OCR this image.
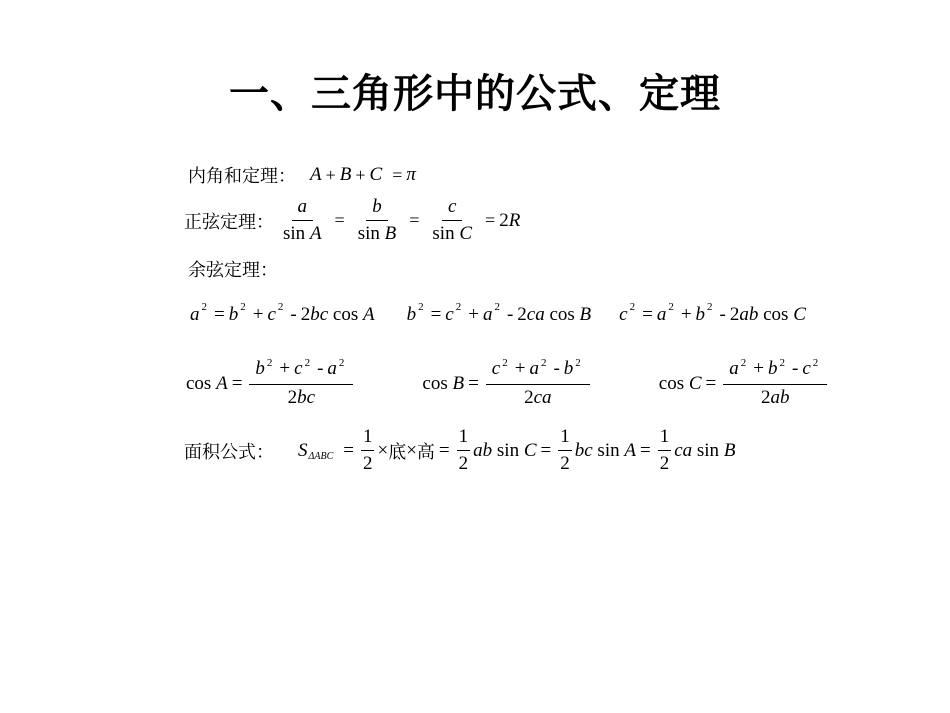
一、三角形中的公式、定理
内角和定理： A + B + C = π
正弦定理： $\frac{a}{\text{sin A}} = \frac{b}{\text{sin B}} = \frac{c}{\text{sin C}} = 2$ R
余弦定理：
a 2 = b 2 + c 2 - 2 bc
cos
A b 2 = c 2 + a 2 - 2 ca
cos
B c 2 = a 2 + b 2 - 2 ab
cos
C
cos
$A = \frac{b ^2 + c ^2 - a ^2}{2bc}$	cos
$B = \frac{c ^2 + a ^2 - b ^2}{2ca}$	cos
$C = \frac{a ^2 + b ^2 - c ^2}{2ab}$
面积公式： S $\Delta ABC = \frac{1}{2}$ × 底 × 高 = $\frac{1}{2}$ ab
sin
$C = \frac{1}{2}$ bc
sin
$A = \frac{1}{2}$ ca
sin
B
